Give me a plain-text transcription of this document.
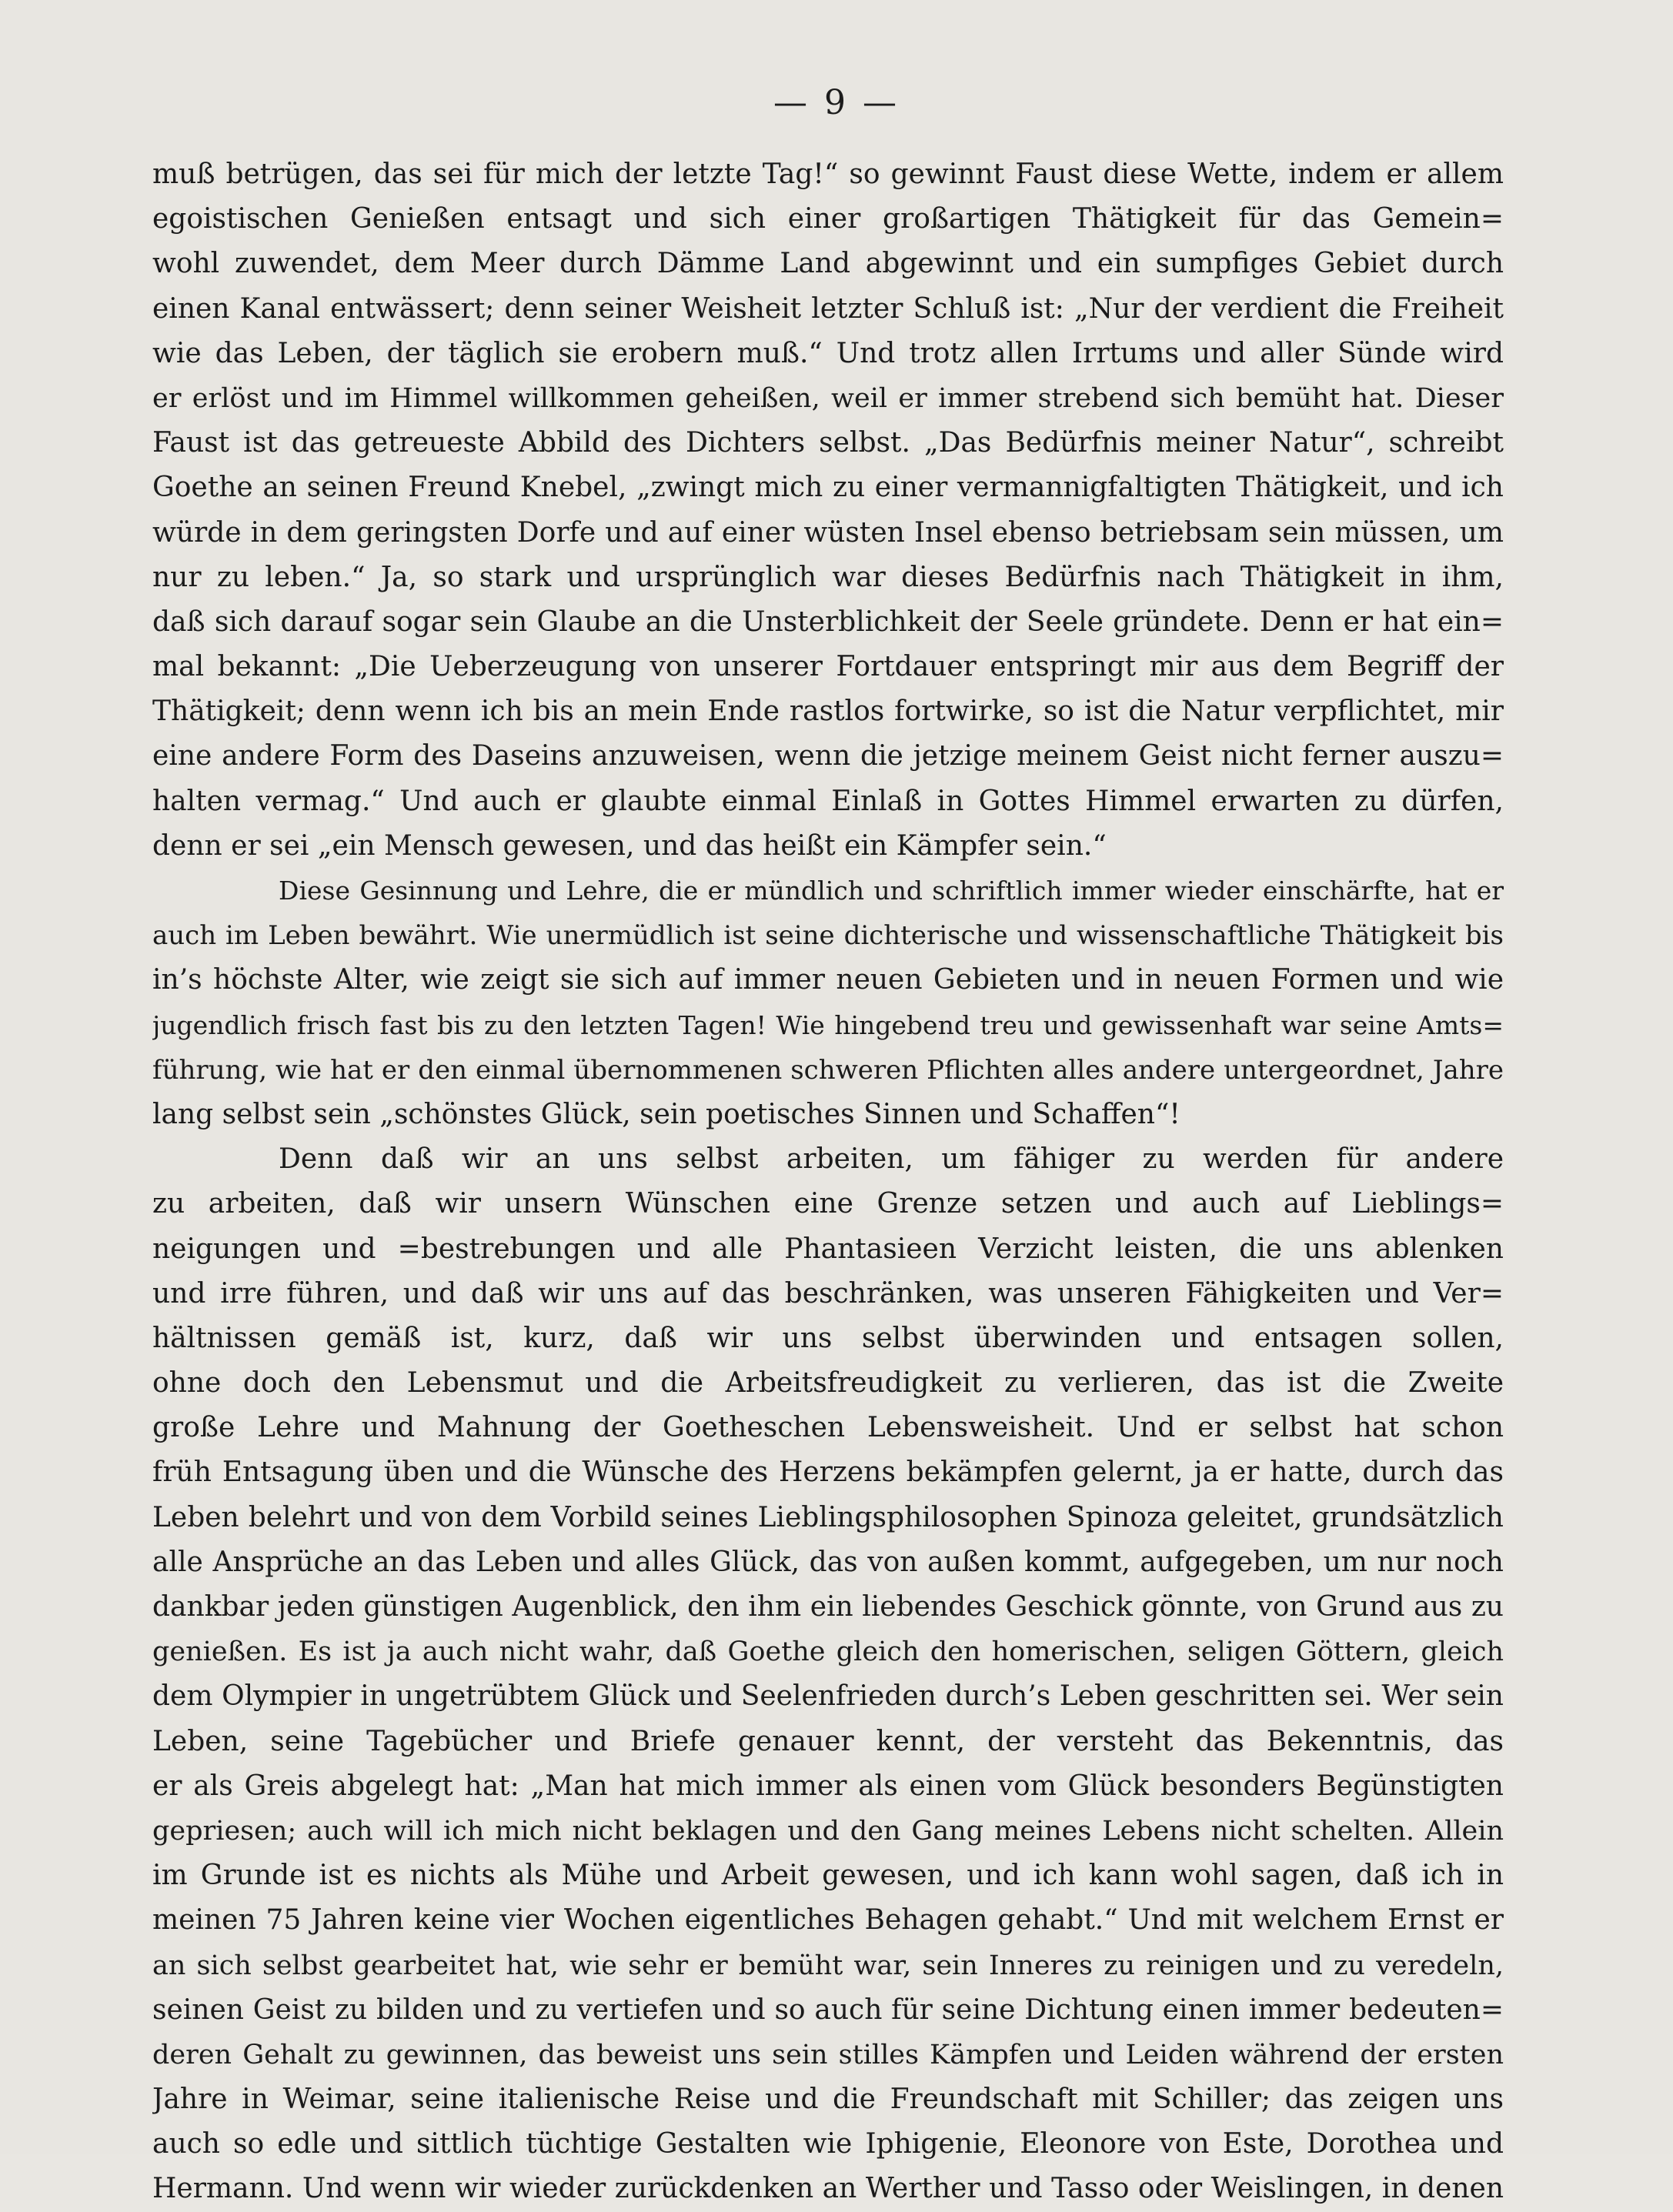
— 9 —
muß betrügen, das sei für mich der letzte Tag!“ so gewinnt Faust diese Wette, indem er allem
egoistischen Genießen entsagt und sich einer großartigen Thätigkeit für das Gemein=
wohl zuwendet, dem Meer durch Dämme Land abgewinnt und ein sumpfiges Gebiet durch
einen Kanal entwässert; denn seiner Weisheit letzter Schluß ist: „Nur der verdient die Freiheit
wie das Leben, der täglich sie erobern muß.“ Und trotz allen Irrtums und aller Sünde wird
er erlöst und im Himmel willkommen geheißen, weil er immer strebend sich bemüht hat. Dieser
Faust ist das getreueste Abbild des Dichters selbst. „Das Bedürfnis meiner Natur“, schreibt
Goethe an seinen Freund Knebel, „zwingt mich zu einer vermannigfaltigten Thätigkeit, und ich
würde in dem geringsten Dorfe und auf einer wüsten Insel ebenso betriebsam sein müssen, um
nur zu leben.“ Ja, so stark und ursprünglich war dieses Bedürfnis nach Thätigkeit in ihm,
daß sich darauf sogar sein Glaube an die Unsterblichkeit der Seele gründete. Denn er hat ein=
mal bekannt: „Die Ueberzeugung von unserer Fortdauer entspringt mir aus dem Begriff der
Thätigkeit; denn wenn ich bis an mein Ende rastlos fortwirke, so ist die Natur verpflichtet, mir
eine andere Form des Daseins anzuweisen, wenn die jetzige meinem Geist nicht ferner auszu=
halten vermag.“ Und auch er glaubte einmal Einlaß in Gottes Himmel erwarten zu dürfen,
denn er sei „ein Mensch gewesen, und das heißt ein Kämpfer sein.“
Diese Gesinnung und Lehre, die er mündlich und schriftlich immer wieder einschärfte, hat er
auch im Leben bewährt. Wie unermüdlich ist seine dichterische und wissenschaftliche Thätigkeit bis
in’s höchste Alter, wie zeigt sie sich auf immer neuen Gebieten und in neuen Formen und wie
jugendlich frisch fast bis zu den letzten Tagen! Wie hingebend treu und gewissenhaft war seine Amts=
führung, wie hat er den einmal übernommenen schweren Pflichten alles andere untergeordnet, Jahre
lang selbst sein „schönstes Glück, sein poetisches Sinnen und Schaffen“!
Denn daß wir an uns selbst arbeiten, um fähiger zu werden für andere
zu arbeiten, daß wir unsern Wünschen eine Grenze setzen und auch auf Lieblings=
neigungen und =bestrebungen und alle Phantasieen Verzicht leisten, die uns ablenken
und irre führen, und daß wir uns auf das beschränken, was unseren Fähigkeiten und Ver=
hältnissen gemäß ist, kurz, daß wir uns selbst überwinden und entsagen sollen,
ohne doch den Lebensmut und die Arbeitsfreudigkeit zu verlieren, das ist die Zweite
große Lehre und Mahnung der Goetheschen Lebensweisheit. Und er selbst hat schon
früh Entsagung üben und die Wünsche des Herzens bekämpfen gelernt, ja er hatte, durch das
Leben belehrt und von dem Vorbild seines Lieblingsphilosophen Spinoza geleitet, grundsätzlich
alle Ansprüche an das Leben und alles Glück, das von außen kommt, aufgegeben, um nur noch
dankbar jeden günstigen Augenblick, den ihm ein liebendes Geschick gönnte, von Grund aus zu
genießen. Es ist ja auch nicht wahr, daß Goethe gleich den homerischen, seligen Göttern, gleich
dem Olympier in ungetrübtem Glück und Seelenfrieden durch’s Leben geschritten sei. Wer sein
Leben, seine Tagebücher und Briefe genauer kennt, der versteht das Bekenntnis, das
er als Greis abgelegt hat: „Man hat mich immer als einen vom Glück besonders Begünstigten
gepriesen; auch will ich mich nicht beklagen und den Gang meines Lebens nicht schelten. Allein
im Grunde ist es nichts als Mühe und Arbeit gewesen, und ich kann wohl sagen, daß ich in
meinen 75 Jahren keine vier Wochen eigentliches Behagen gehabt.“ Und mit welchem Ernst er
an sich selbst gearbeitet hat, wie sehr er bemüht war, sein Inneres zu reinigen und zu veredeln,
seinen Geist zu bilden und zu vertiefen und so auch für seine Dichtung einen immer bedeuten=
deren Gehalt zu gewinnen, das beweist uns sein stilles Kämpfen und Leiden während der ersten
Jahre in Weimar, seine italienische Reise und die Freundschaft mit Schiller; das zeigen uns
auch so edle und sittlich tüchtige Gestalten wie Iphigenie, Eleonore von Este, Dorothea und
Hermann. Und wenn wir wieder zurückdenken an Werther und Tasso oder Weislingen, in denen
